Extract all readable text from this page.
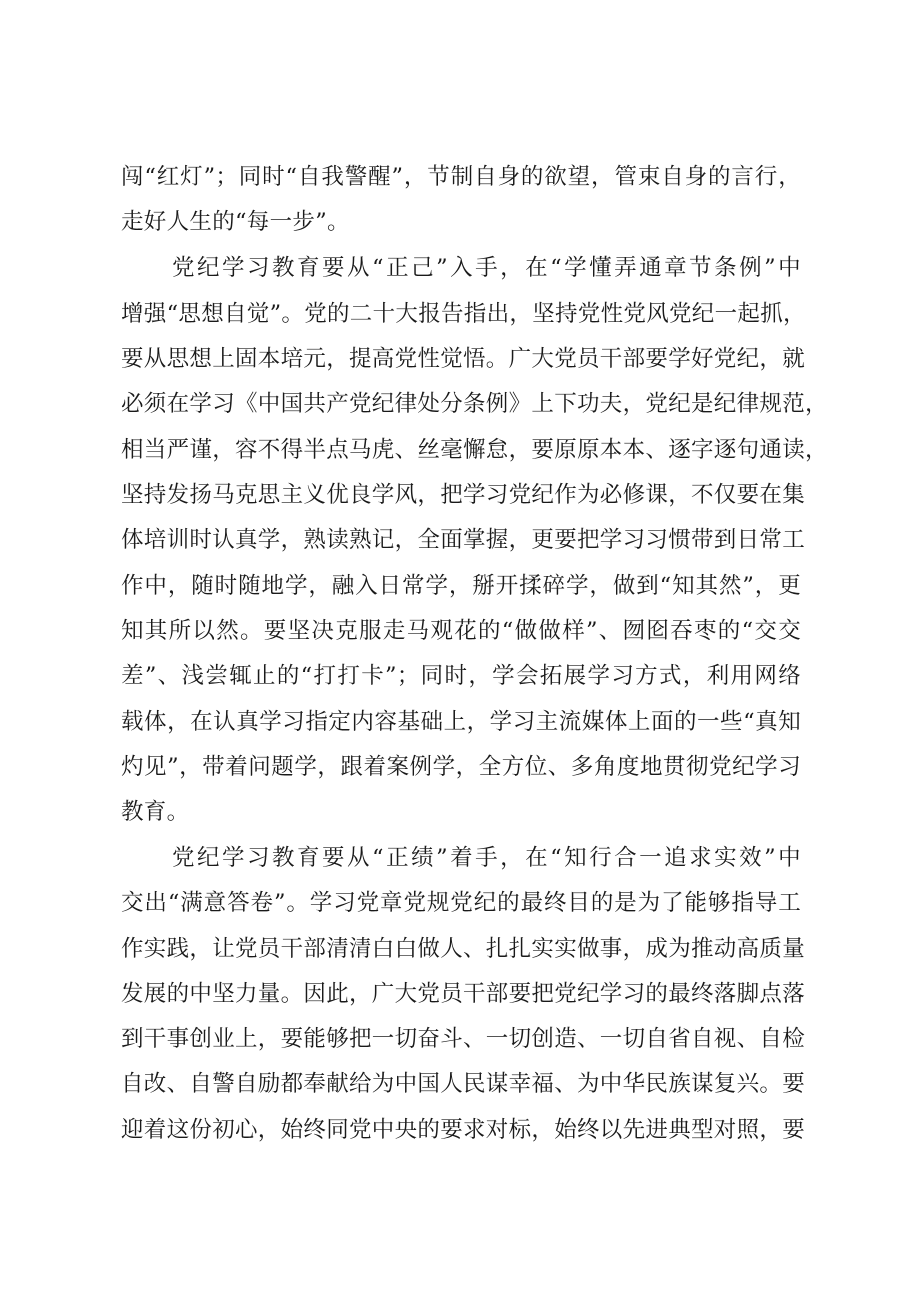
闯“红灯”；同时“自我警醒”，节制自身的欲望，管束自身的言行，
走好人生的“每一步”。
党纪学习教育要从“正己”入手，在“学懂弄通章节条例”中
增强“思想自觉”。党的二十大报告指出，坚持党性党风党纪一起抓，
要从思想上固本培元，提高党性觉悟。广大党员干部要学好党纪，就
必须在学习《中国共产党纪律处分条例》上下功夫，党纪是纪律规范，
相当严谨，容不得半点马虎、丝毫懈怠，要原原本本、逐字逐句通读，
坚持发扬马克思主义优良学风，把学习党纪作为必修课，不仅要在集
体培训时认真学，熟读熟记，全面掌握，更要把学习习惯带到日常工
作中，随时随地学，融入日常学，掰开揉碎学，做到“知其然”，更
知其所以然。要坚决克服走马观花的“做做样”、囫囵吞枣的“交交
差”、浅尝辄止的“打打卡”；同时，学会拓展学习方式，利用网络
载体，在认真学习指定内容基础上，学习主流媒体上面的一些“真知
灼见”，带着问题学，跟着案例学，全方位、多角度地贯彻党纪学习
教育。
党纪学习教育要从“正绩”着手，在“知行合一追求实效”中
交出“满意答卷”。学习党章党规党纪的最终目的是为了能够指导工
作实践，让党员干部清清白白做人、扎扎实实做事，成为推动高质量
发展的中坚力量。因此，广大党员干部要把党纪学习的最终落脚点落
到干事创业上，要能够把一切奋斗、一切创造、一切自省自视、自检
自改、自警自励都奉献给为中国人民谋幸福、为中华民族谋复兴。要
迎着这份初心，始终同党中央的要求对标，始终以先进典型对照，要
